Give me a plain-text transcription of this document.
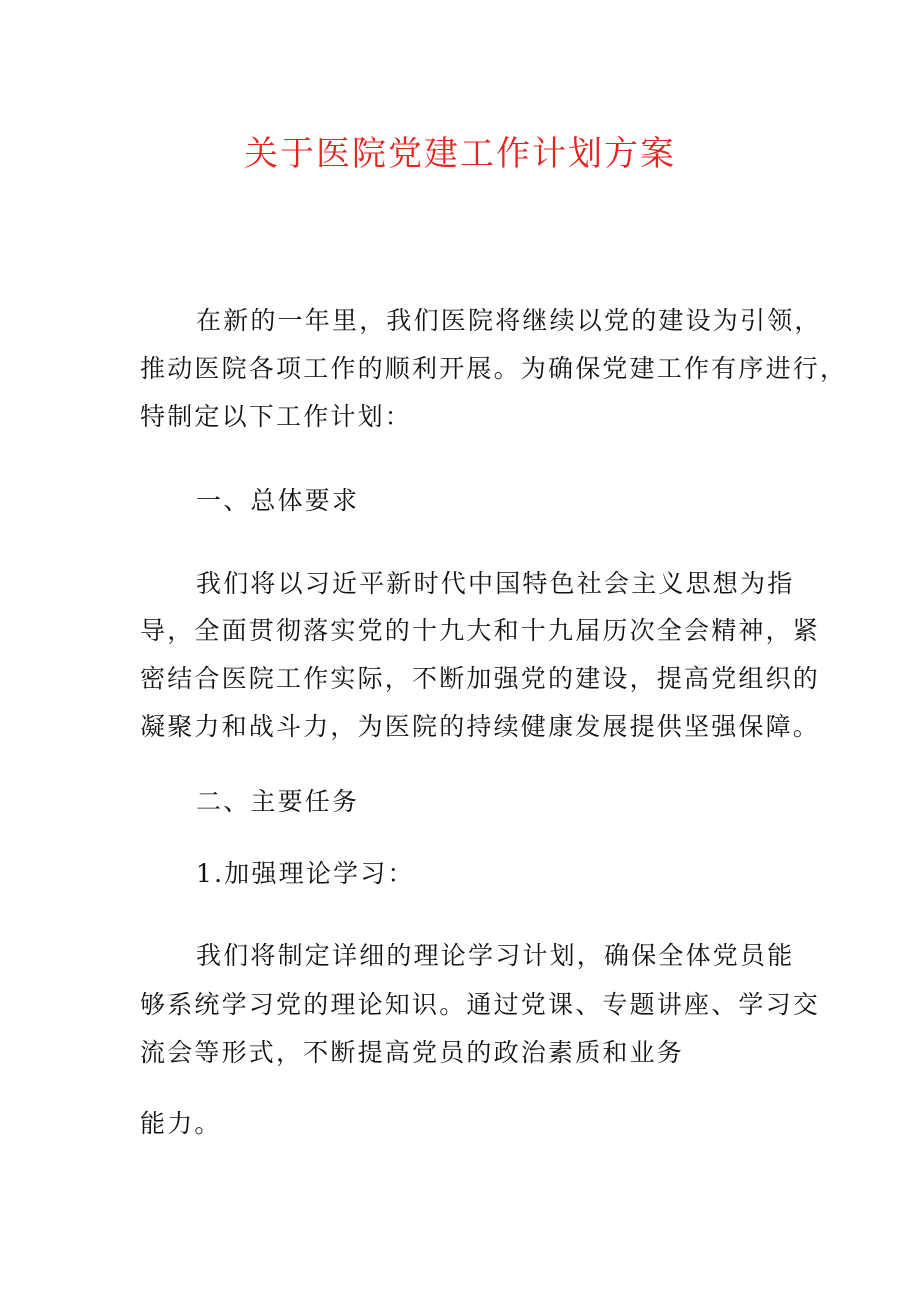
关于医院党建工作计划方案
在新的一年里，我们医院将继续以党的建设为引领，
推动医院各项工作的顺利开展。为确保党建工作有序进行，
特制定以下工作计划：
一、总体要求
我们将以习近平新时代中国特色社会主义思想为指
导，全面贯彻落实党的十九大和十九届历次全会精神，紧
密结合医院工作实际，不断加强党的建设，提高党组织的
凝聚力和战斗力，为医院的持续健康发展提供坚强保障。
二、主要任务
1.加强理论学习：
我们将制定详细的理论学习计划，确保全体党员能
够系统学习党的理论知识。通过党课、专题讲座、学习交
流会等形式，不断提高党员的政治素质和业务
能力。
